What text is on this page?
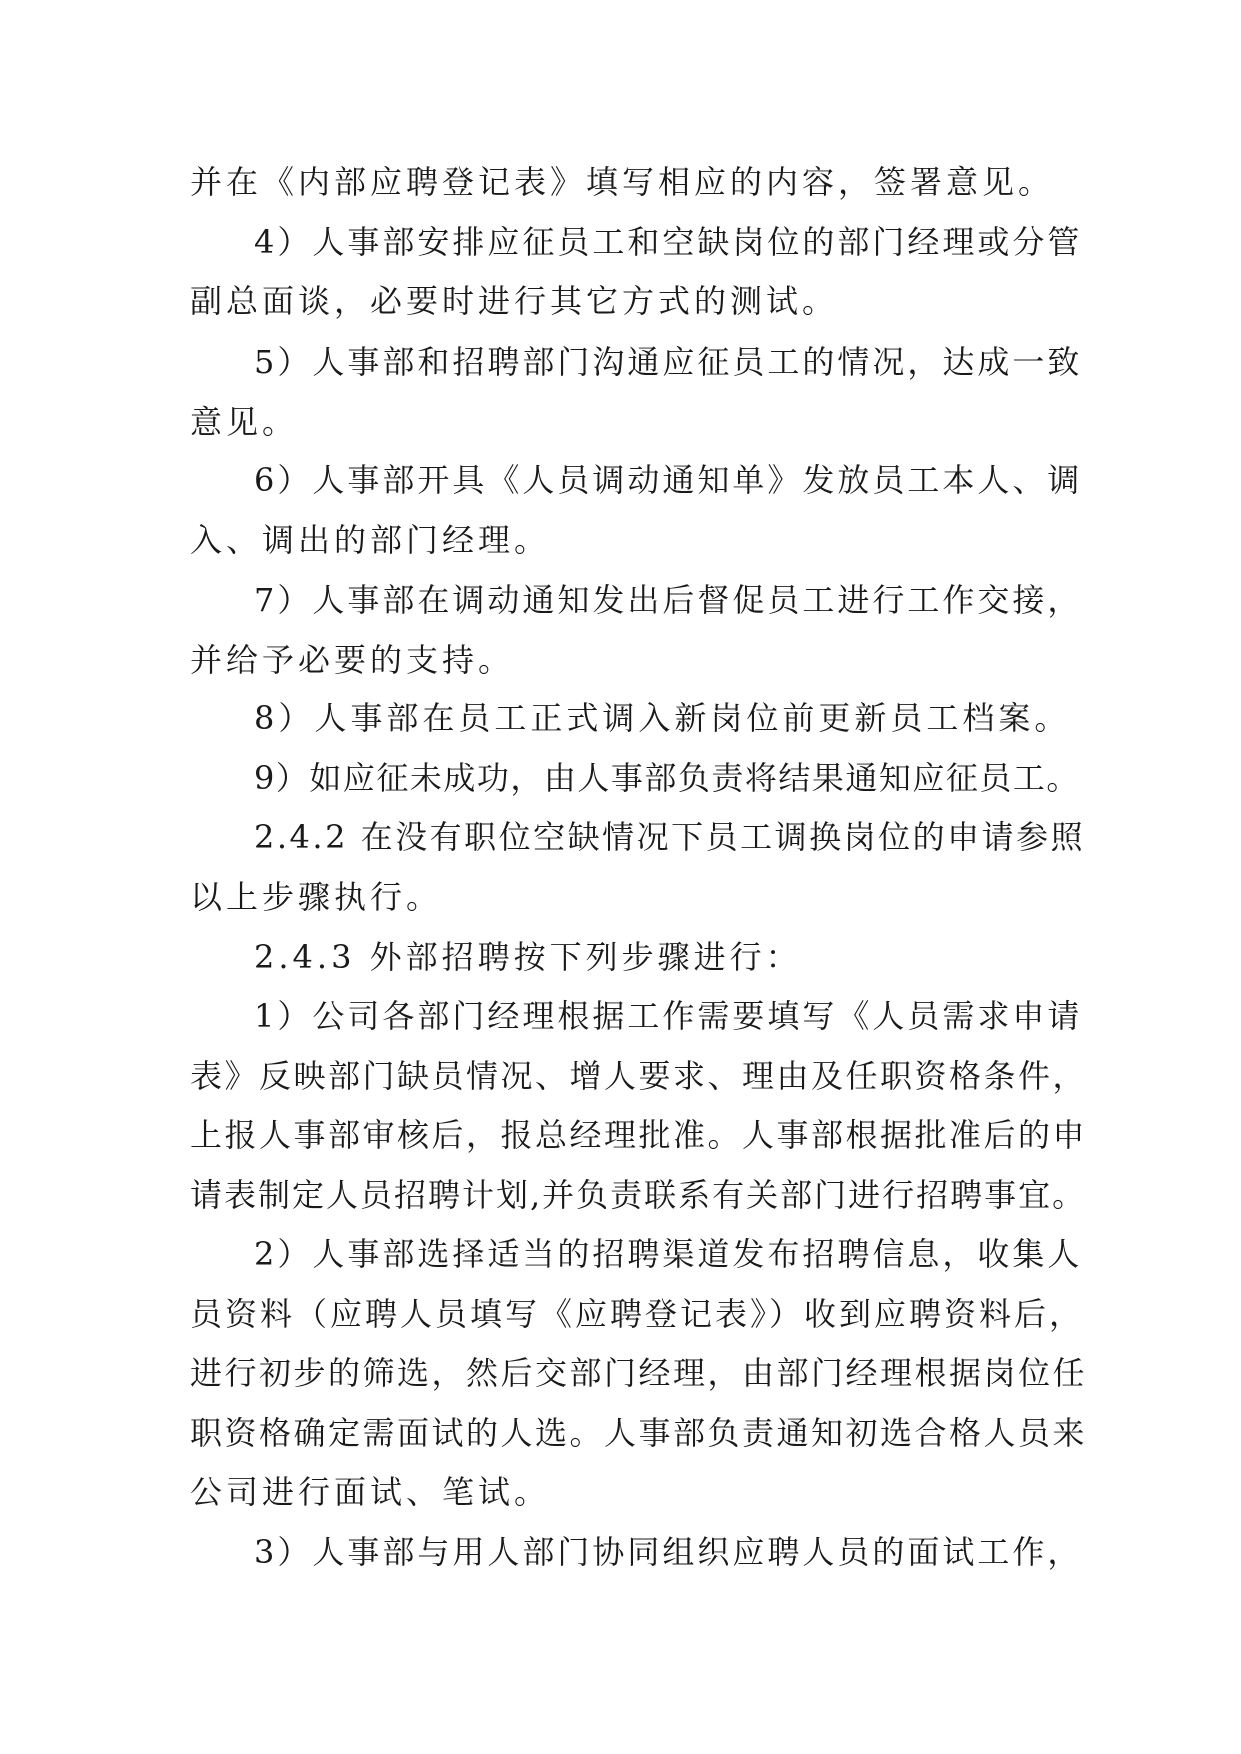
并在《内部应聘登记表》填写相应的内容，签署意见。
4）人事部安排应征员工和空缺岗位的部门经理或分管
副总面谈，必要时进行其它方式的测试。
5）人事部和招聘部门沟通应征员工的情况，达成一致
意见。
6）人事部开具《人员调动通知单》发放员工本人、调
入、调出的部门经理。
7）人事部在调动通知发出后督促员工进行工作交接，
并给予必要的支持。
8）人事部在员工正式调入新岗位前更新员工档案。
9）如应征未成功，由人事部负责将结果通知应征员工。
2.4.2 在没有职位空缺情况下员工调换岗位的申请参照
以上步骤执行。
2.4.3 外部招聘按下列步骤进行：
1）公司各部门经理根据工作需要填写《人员需求申请
表》反映部门缺员情况、增人要求、理由及任职资格条件，
上报人事部审核后，报总经理批准。人事部根据批准后的申
请表制定人员招聘计划,并负责联系有关部门进行招聘事宜。
2）人事部选择适当的招聘渠道发布招聘信息，收集人
员资料（应聘人员填写《应聘登记表》）收到应聘资料后，
进行初步的筛选，然后交部门经理，由部门经理根据岗位任
职资格确定需面试的人选。人事部负责通知初选合格人员来
公司进行面试、笔试。
3）人事部与用人部门协同组织应聘人员的面试工作，
